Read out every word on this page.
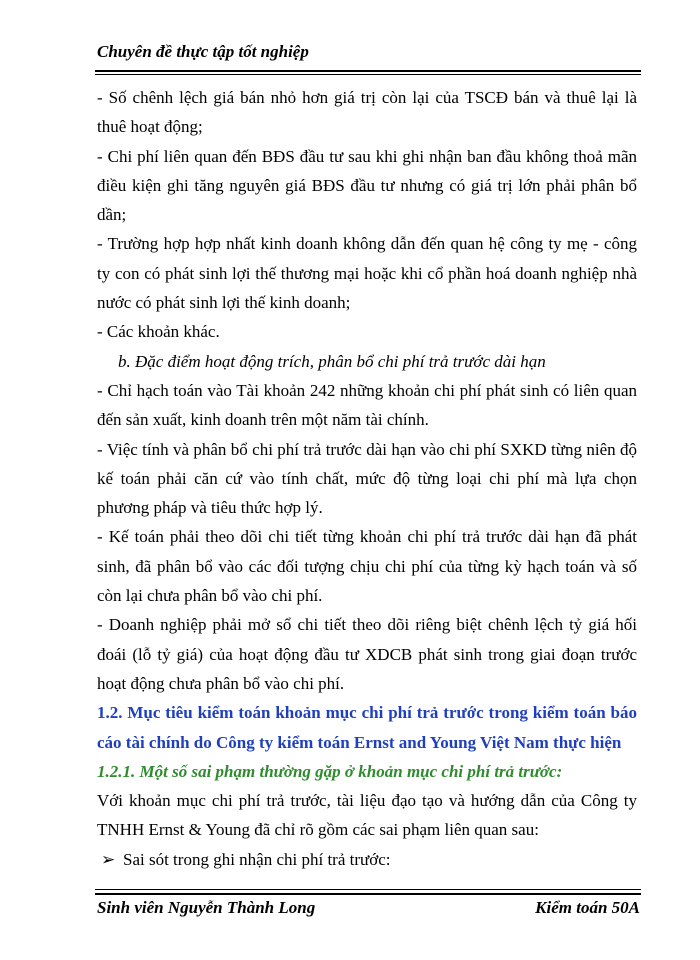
Chuyên đề thực tập tốt nghiệp

- Số chênh lệch giá bán nhỏ hơn giá trị còn lại của TSCĐ bán và thuê lại là thuê hoạt động;

- Chi phí liên quan đến BĐS đầu tư sau khi ghi nhận ban đầu không thoả mãn điều kiện ghi tăng nguyên giá BĐS đầu tư nhưng có giá trị lớn phải phân bổ dần;

- Trường hợp hợp nhất kinh doanh không dẫn đến quan hệ công ty mẹ - công ty con có phát sinh lợi thế thương mại hoặc khi cổ phần hoá doanh nghiệp nhà nước có phát sinh lợi thế kinh doanh;

- Các khoản khác.

b. Đặc điểm hoạt động trích, phân bổ chi phí trả trước dài hạn

- Chỉ hạch toán vào Tài khoản 242 những khoản chi phí phát sinh có liên quan đến sản xuất, kinh doanh trên một năm tài chính.

- Việc tính và phân bổ chi phí trả trước dài hạn vào chi phí SXKD từng niên độ kế toán phải căn cứ vào tính chất, mức độ từng loại chi phí mà lựa chọn phương pháp và tiêu thức hợp lý.

- Kế toán phải theo dõi chi tiết từng khoản chi phí trả trước dài hạn đã phát sinh, đã phân bổ vào các đối tượng chịu chi phí của từng kỳ hạch toán và số còn lại chưa phân bổ vào chi phí.

- Doanh nghiệp phải mở sổ chi tiết theo dõi riêng biệt chênh lệch tỷ giá hối đoái (lỗ tỷ giá) của hoạt động đầu tư XDCB phát sinh trong giai đoạn trước hoạt động chưa phân bổ vào chi phí.

1.2. Mục tiêu kiểm toán khoản mục chi phí trả trước trong kiểm toán báo cáo tài chính do Công ty kiểm toán Ernst and Young Việt Nam thực hiện

1.2.1. Một số sai phạm thường gặp ở khoản mục chi phí trả trước:

Với khoản mục chi phí trả trước, tài liệu đạo tạo và hướng dẫn của Công ty TNHH Ernst & Young đã chỉ rõ gồm các sai phạm liên quan sau:

➢ Sai sót trong ghi nhận chi phí trả trước:
Sinh viên Nguyễn Thành Long	Kiểm toán 50A
